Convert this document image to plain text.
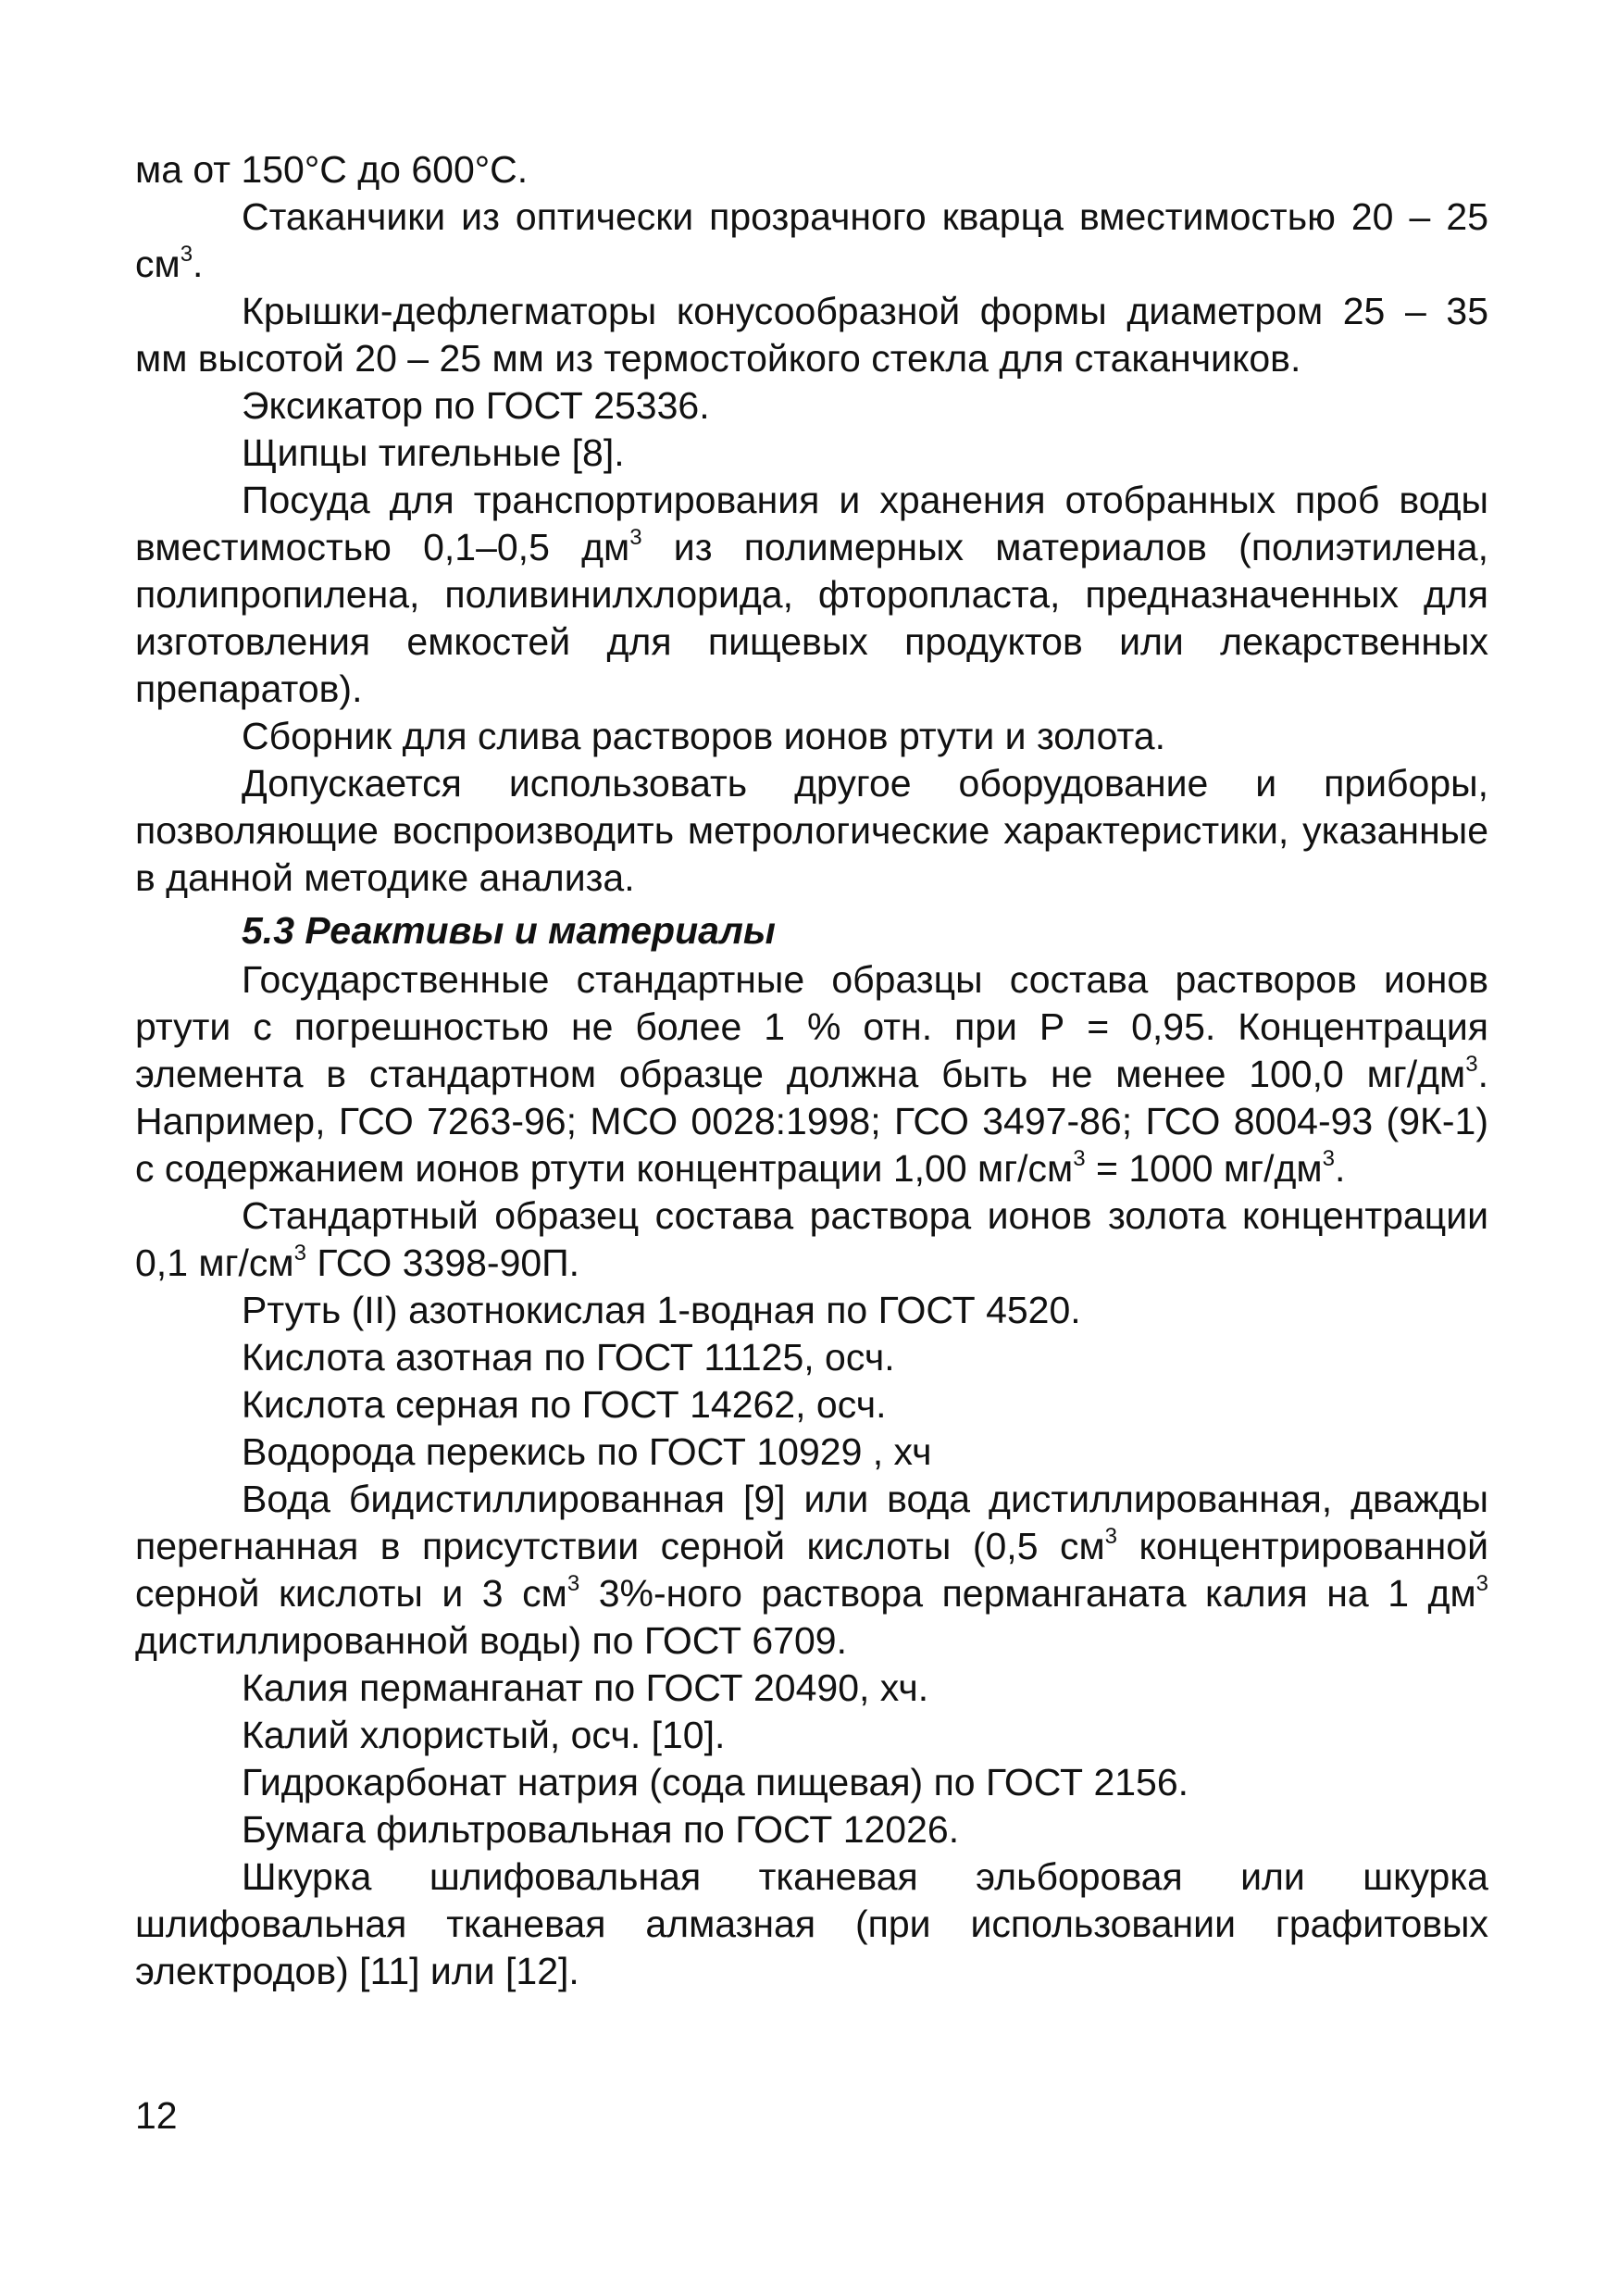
ма от 150°С до 600°С.

Стаканчики из оптически прозрачного кварца вместимостью 20 – 25 $см^3$.

Крышки-дефлегматоры конусообразной формы диаметром 25 – 35 мм высотой 20 – 25 мм из термостойкого стекла для стаканчиков.

Эксикатор по ГОСТ 25336.

Щипцы тигельные [8].

Посуда для транспортирования и хранения отобранных проб воды вместимостью 0,1–0,5 $дм^3$ из полимерных материалов (полиэтилена, полипропилена, поливинилхлорида, фторопласта, предназначенных для изготовления емкостей для пищевых продуктов или лекарственных препаратов).

Сборник для слива растворов ионов ртути и золота.

Допускается использовать другое оборудование и приборы, позволяющие воспроизводить метрологические характеристики, указанные в данной методике анализа.

5.3 Реактивы и материалы

Государственные стандартные образцы состава растворов ионов ртути с погрешностью не более 1 % отн. при Р = 0,95. Концентрация элемента в стандартном образце должна быть не менее 100,0 $мг/дм^3$. Например, ГСО 7263-96; МСО 0028:1998; ГСО 3497-86; ГСО 8004-93 (9К-1) с содержанием ионов ртути концентрации 1,00 $мг/см^3 = 1000$ $мг/дм^3$.

Стандартный образец состава раствора ионов золота концентрации 0,1 $мг/см^3$ ГСО 3398-90П.

Ртуть (II) азотнокислая 1-водная по ГОСТ 4520.

Кислота азотная по ГОСТ 11125, осч.

Кислота серная по ГОСТ 14262, осч.

Водорода перекись по ГОСТ 10929 , хч

Вода бидистиллированная [9] или вода дистиллированная, дважды перегнанная в присутствии серной кислоты (0,5 $см^3$ концентрированной серной кислоты и 3 $см^3$ 3%-ного раствора перманганата калия на 1 $дм^3$ дистиллированной воды) по ГОСТ 6709.

Калия перманганат по ГОСТ 20490, хч.

Калий хлористый, осч. [10].

Гидрокарбонат натрия (сода пищевая) по ГОСТ 2156.

Бумага фильтровальная по ГОСТ 12026.

Шкурка шлифовальная тканевая эльборовая или шкурка шлифовальная тканевая алмазная (при использовании графитовых электродов) [11] или [12].

12
